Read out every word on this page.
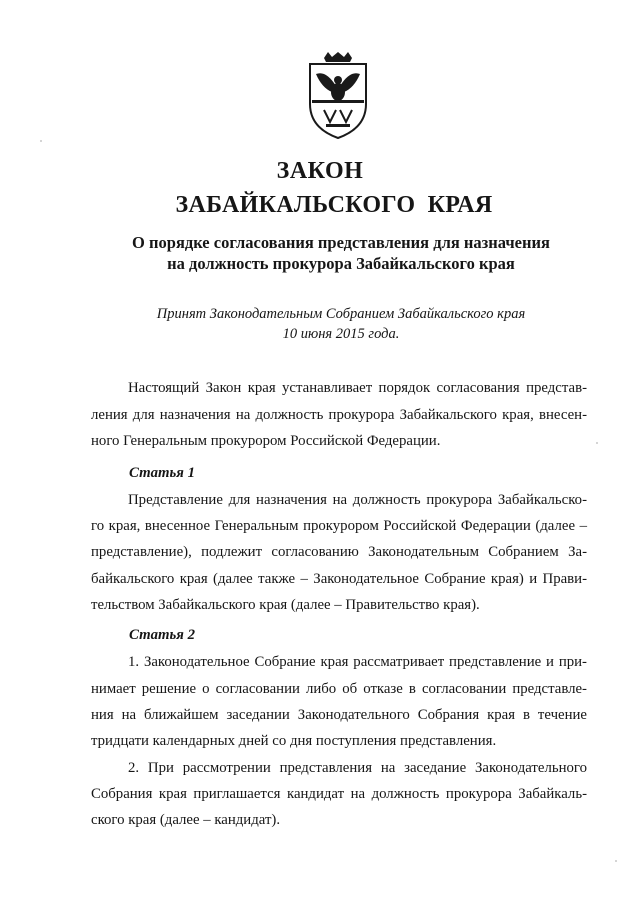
ЗАКОН
ЗАБАЙКАЛЬСКОГО КРАЯ
О порядке согласования представления для назначения
на должность прокурора Забайкальского края
Принят Законодательным Собранием Забайкальского края
10 июня 2015 года.
Настоящий Закон края устанавливает порядок согласования представ-
ления для назначения на должность прокурора Забайкальского края, внесен-
ного Генеральным прокурором Российской Федерации.
Статья 1
Представление для назначения на должность прокурора Забайкальско-
го края, внесенное Генеральным прокурором Российской Федерации (далее –
представление), подлежит согласованию Законодательным Собранием За-
байкальского края (далее также – Законодательное Собрание края) и Прави-
тельством Забайкальского края (далее – Правительство края).
Статья 2
1. Законодательное Собрание края рассматривает представление и при-
нимает решение о согласовании либо об отказе в согласовании представле-
ния на ближайшем заседании Законодательного Собрания края в течение
тридцати календарных дней со дня поступления представления.
2. При рассмотрении представления на заседание Законодательного
Собрания края приглашается кандидат на должность прокурора Забайкаль-
ского края (далее – кандидат).
